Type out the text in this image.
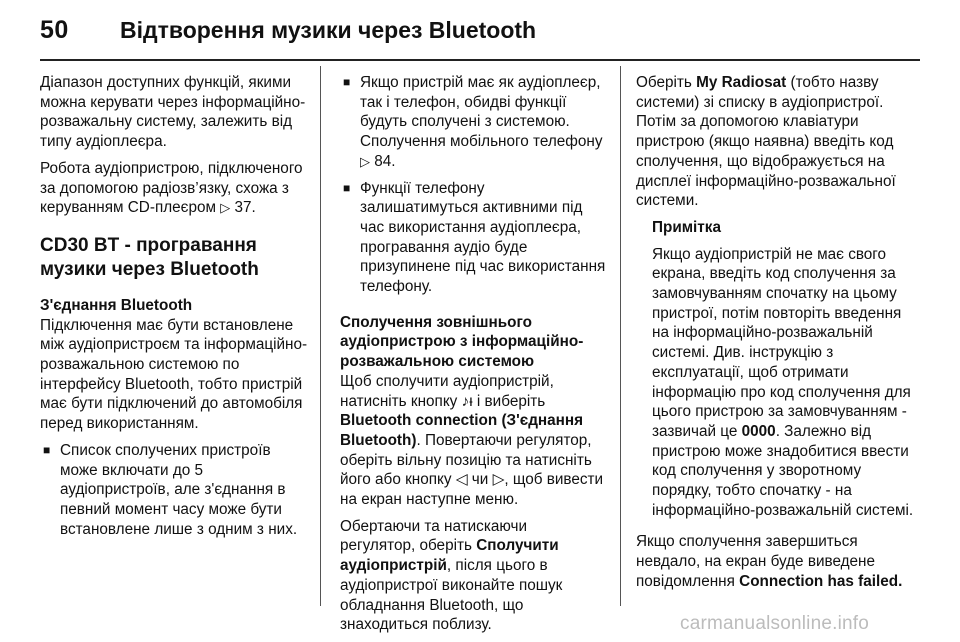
50 Відтворення музики через Bluetooth

Діапазон доступних функцій, якими можна керувати через інформаційно-розважальну систему, залежить від типу аудіоплеєра.

Робота аудіопристрою, підключеного за допомогою радіозв’язку, схожа з керуванням CD-плеєром ▷ 37.

CD30 BT - програвання музики через Bluetooth
З'єднання Bluetooth

Підключення має бути встановлене між аудіопристроєм та інформаційно-розважальною системою по інтерфейсу Bluetooth, тобто пристрій має бути підключений до автомобіля перед використанням.

■ Список сполучених пристроїв може включати до 5 аудіопристроїв, але з'єднання в певний момент часу може бути встановлене лише з одним з них.
■ Якщо пристрій має як аудіоплеєр, так і телефон, обидві функції будуть сполучені з системою. Сполучення мобільного телефону ▷ 84.
■ Функції телефону залишатимуться активними під час використання аудіоплеєра, програвання аудіо буде призупинене під час використання телефону.
Сполучення зовнішнього аудіопристрою з інформаційно-розважальною системою

Щоб сполучити аудіопристрій, натисніть кнопку ♪ᵻ і виберіть Bluetooth connection (З'єднання Bluetooth). Повертаючи регулятор, оберіть вільну позицію та натисніть його або кнопку ◁ чи ▷, щоб вивести на екран наступне меню.

Обертаючи та натискаючи регулятор, оберіть Сполучити аудіопристрій, після цього в аудіопристрої виконайте пошук обладнання Bluetooth, що знаходиться поблизу.

Оберіть My Radiosat (тобто назву системи) зі списку в аудіопристрої. Потім за допомогою клавіатури пристрою (якщо наявна) введіть код сполучення, що відображується на дисплеї інформаційно-розважальної системи.

Примітка

Якщо аудіопристрій не має свого екрана, введіть код сполучення за замовчуванням спочатку на цьому пристрої, потім повторіть введення на інформаційно-розважальній системі. Див. інструкцію з експлуатації, щоб отримати інформацію про код сполучення для цього пристрою за замовчуванням - зазвичай це 0000. Залежно від пристрою може знадобитися ввести код сполучення у зворотному порядку, тобто спочатку - на інформаційно-розважальній системі.

Якщо сполучення завершиться невдало, на екран буде виведене повідомлення Connection has failed.

carmanualsonline.info
